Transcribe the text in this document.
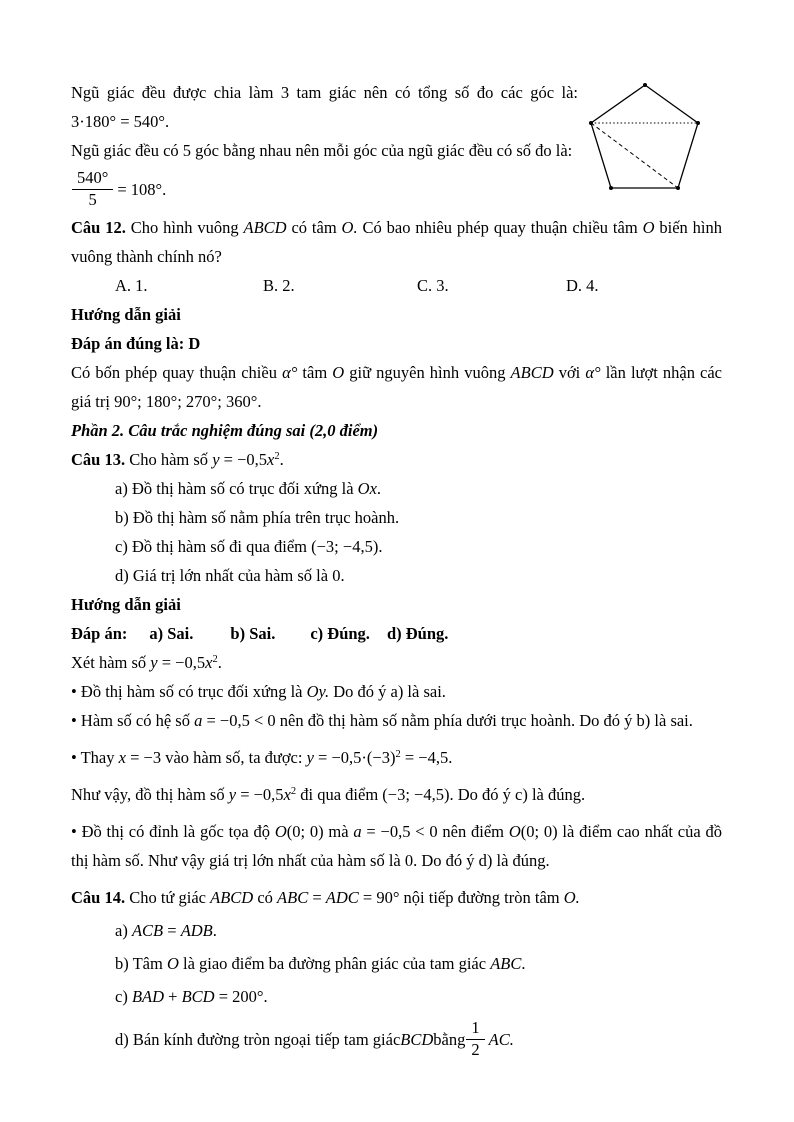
Ngũ giác đều được chia làm 3 tam giác nên có tổng số đo các góc là:
3·180° = 540°.
Ngũ giác đều có 5 góc bằng nhau nên mỗi góc của ngũ giác đều có số đo là:
$\frac{540^\circ}{5} = 108^\circ$.
Câu 12. Cho hình vuông ABCD có tâm O. Có bao nhiêu phép quay thuận chiều tâm O biến hình vuông thành chính nó?
A. 1.	B. 2.	C. 3.	D. 4.
Hướng dẫn giải
Đáp án đúng là: D
Có bốn phép quay thuận chiều α° tâm O giữ nguyên hình vuông ABCD với α° lần lượt nhận các giá trị 90°; 180°; 270°; 360°.
Phần 2. Câu trắc nghiệm đúng sai (2,0 điểm)
Câu 13. Cho hàm số $y = -0,5x^2$.
a) Đồ thị hàm số có trục đối xứng là Ox.
b) Đồ thị hàm số nằm phía trên trục hoành.
c) Đồ thị hàm số đi qua điểm (−3; −4,5).
d) Giá trị lớn nhất của hàm số là 0.
Hướng dẫn giải
Đáp án: a) Sai. b) Sai. c) Đúng. d) Đúng.
Xét hàm số $y = -0,5x^2$.
• Đồ thị hàm số có trục đối xứng là Oy. Do đó ý a) là sai.
• Hàm số có hệ số a = −0,5 < 0 nên đồ thị hàm số nằm phía dưới trục hoành. Do đó ý b) là sai.
• Thay x = −3 vào hàm số, ta được: $y = -0,5\cdot(-3)^2 = -4,5$.
Như vậy, đồ thị hàm số $y = -0,5x^2$ đi qua điểm (−3; −4,5). Do đó ý c) là đúng.
• Đồ thị có đỉnh là gốc tọa độ O(0; 0) mà a = −0,5 < 0 nên điểm O(0; 0) là điểm cao nhất của đồ thị hàm số. Như vậy giá trị lớn nhất của hàm số là 0. Do đó ý d) là đúng.
Câu 14. Cho tứ giác ABCD có ABC = ADC = 90° nội tiếp đường tròn tâm O.
a) ACB = ADB.
b) Tâm O là giao điểm ba đường phân giác của tam giác ABC.
c) BAD + BCD = 200°.
d) Bán kính đường tròn ngoại tiếp tam giác BCD bằng $\frac{1}{2}$ AC.
